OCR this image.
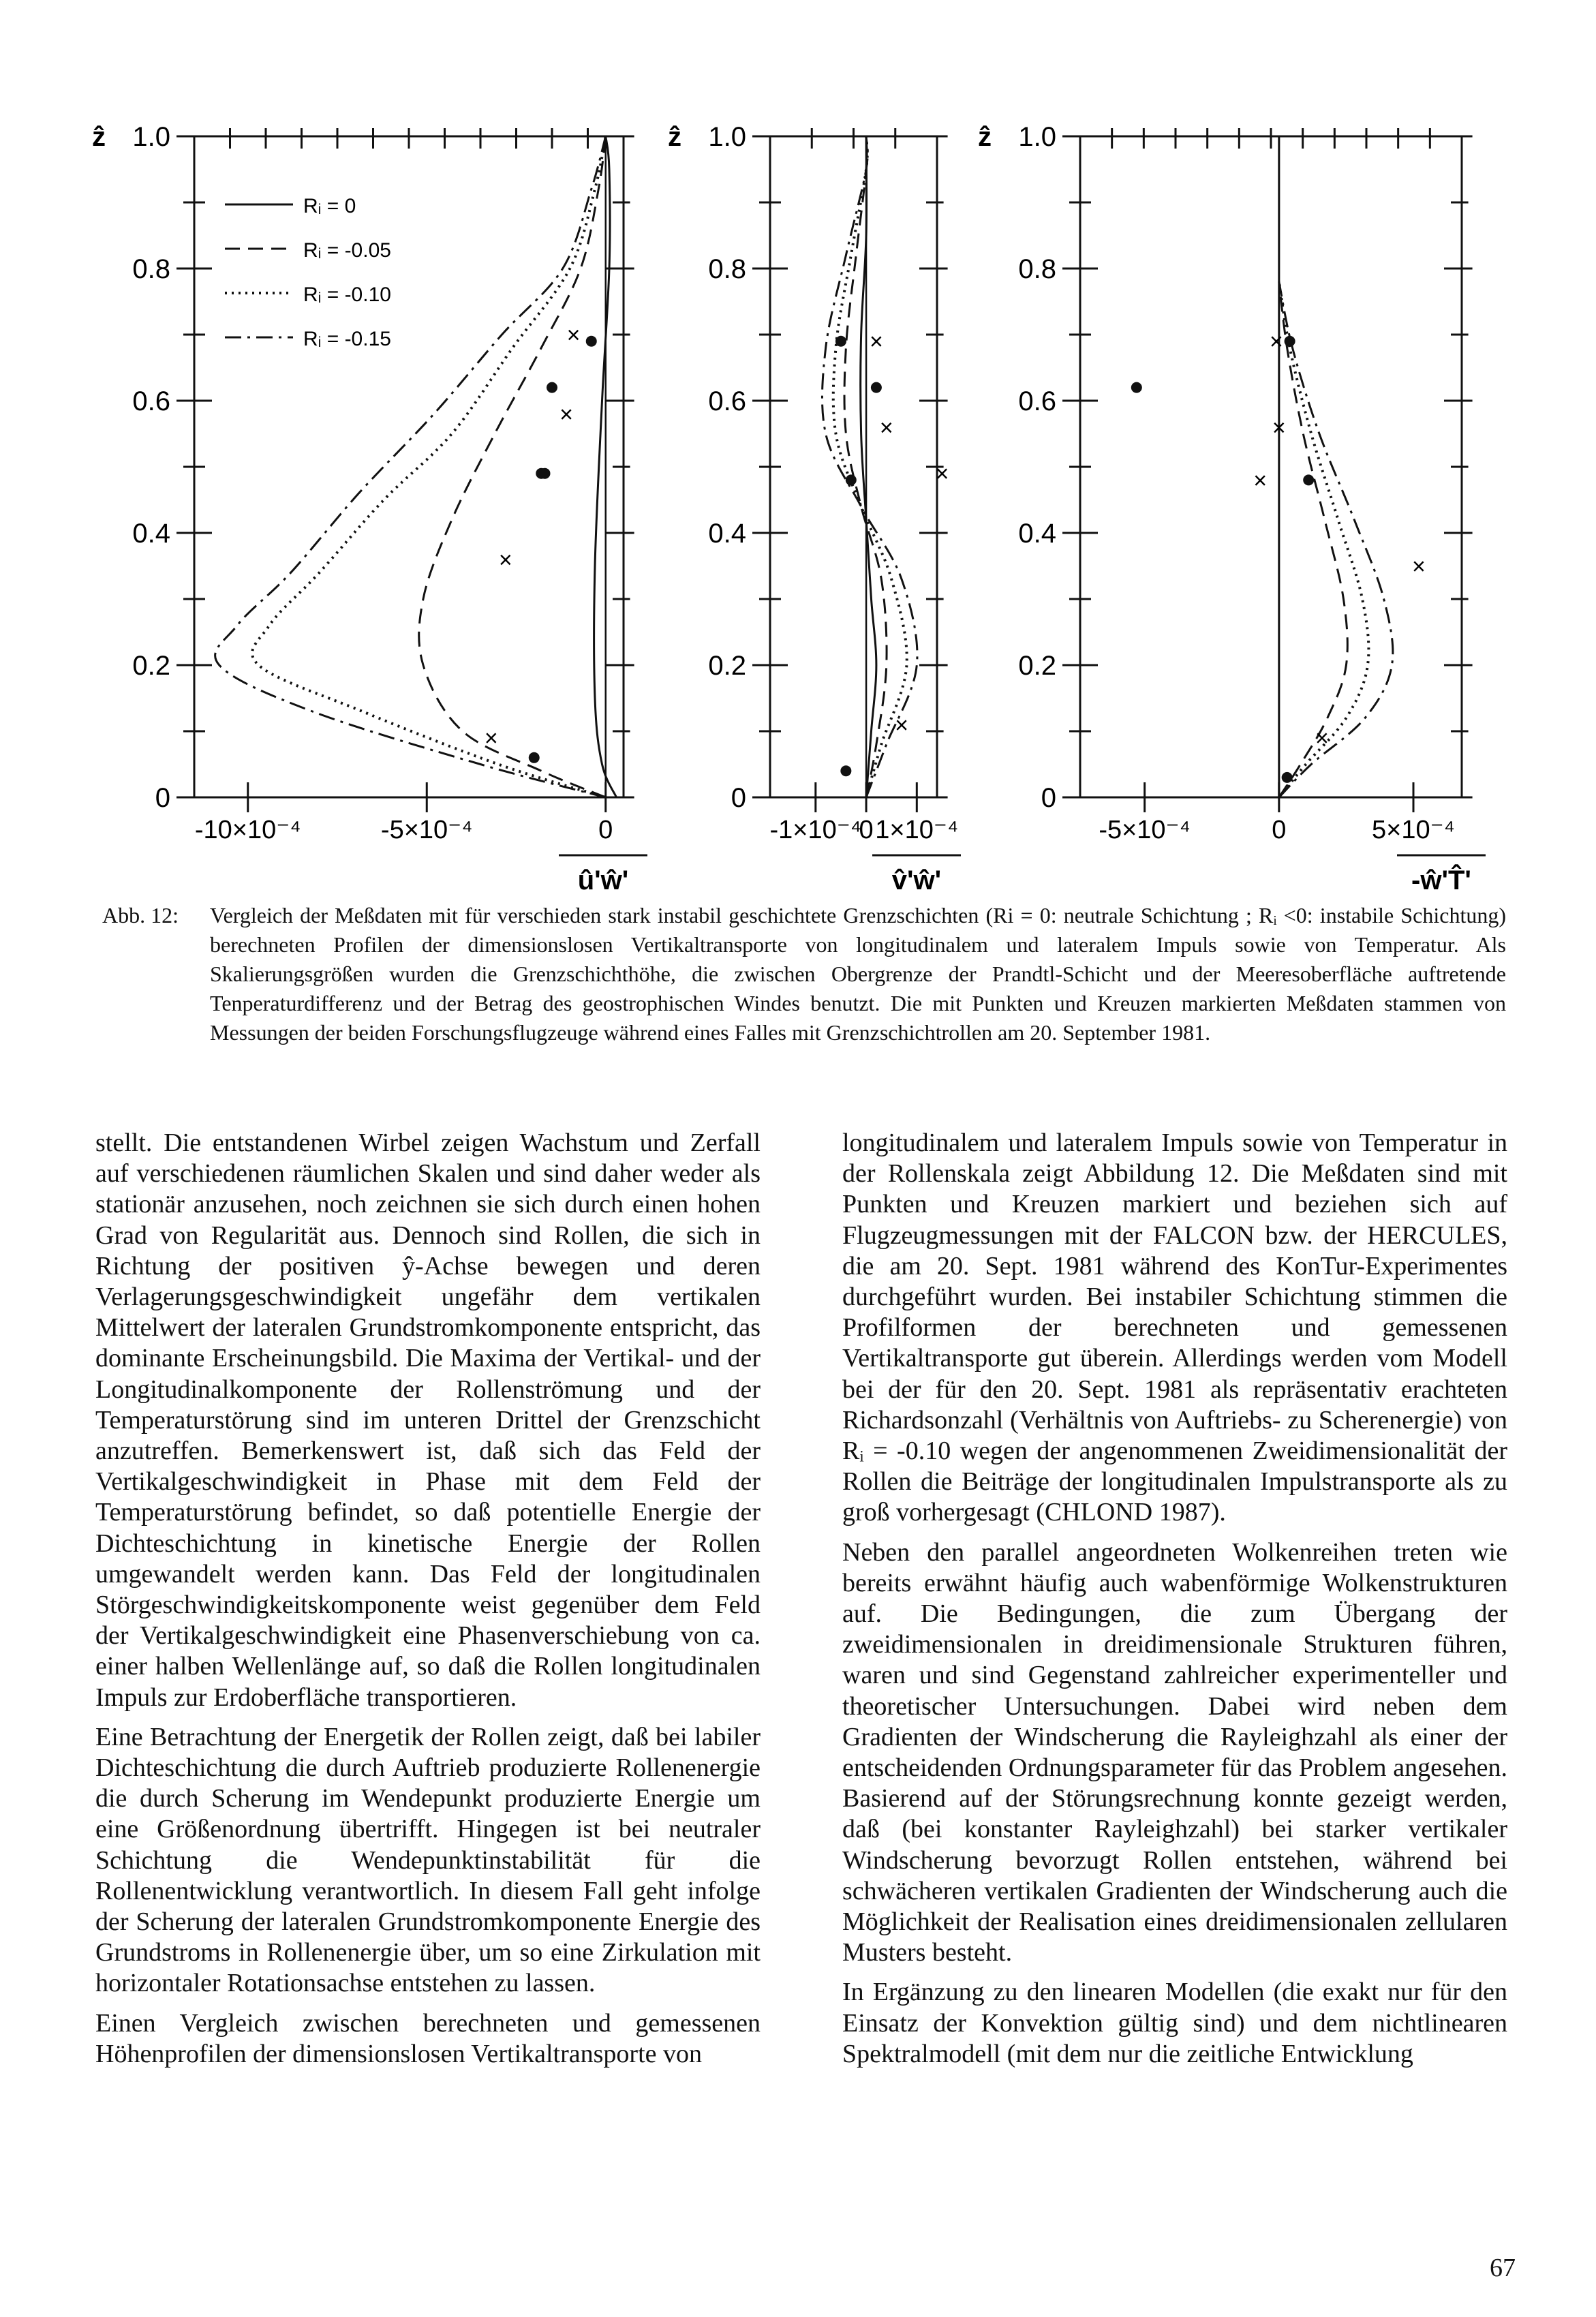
0
0.2
0.4
0.6
0.8
1.0
ẑ
-10×10⁻⁴	-5×10⁻⁴	0
û'ŵ'
×
×
×
×
Rᵢ = 0
Rᵢ = -0.05
Rᵢ = -0.10
Rᵢ = -0.15
0
0.2
0.4
0.6
0.8
1.0
ẑ
-1×10⁻⁴
0 1×10⁻⁴
v̂'ŵ'
×
×
×
×
0
0.2
0.4
0.6
0.8
1.0
ẑ
-5×10⁻⁴	0	5×10⁻⁴
-ŵ'T̂'
×
×
×
×
×
Abb. 12: Vergleich der Meßdaten mit für verschieden stark instabil geschichtete Grenzschichten (Ri = 0: neutrale Schichtung ; Rᵢ <0: instabile Schichtung) berechneten Profilen der dimensionslosen Vertikaltransporte von longitudinalem und lateralem Impuls sowie von Temperatur. Als Skalierungsgrößen wurden die Grenzschichthöhe, die zwischen Obergrenze der Prandtl-Schicht und der Meeresoberfläche auftretende Tenperaturdifferenz und der Betrag des geostrophischen Windes benutzt. Die mit Punkten und Kreuzen markierten Meßdaten stammen von Messungen der beiden Forschungsflugzeuge während eines Falles mit Grenzschichtrollen am 20. September 1981.

stellt. Die entstandenen Wirbel zeigen Wachstum und Zerfall auf verschiedenen räumlichen Skalen und sind daher weder als stationär anzusehen, noch zeichnen sie sich durch einen hohen Grad von Regularität aus. Dennoch sind Rollen, die sich in Richtung der positiven ŷ-Achse bewegen und deren Verlagerungsgeschwindigkeit ungefähr dem vertikalen Mittelwert der lateralen Grundstromkomponente entspricht, das dominante Erscheinungsbild. Die Maxima der Vertikal- und der Longitudinalkomponente der Rollenströmung und der Temperaturstörung sind im unteren Drittel der Grenzschicht anzutreffen. Bemerkenswert ist, daß sich das Feld der Vertikalgeschwindigkeit in Phase mit dem Feld der Temperaturstörung befindet, so daß potentielle Energie der Dichteschichtung in kinetische Energie der Rollen umgewandelt werden kann. Das Feld der longitudinalen Störgeschwindigkeitskomponente weist gegenüber dem Feld der Vertikalgeschwindigkeit eine Phasenverschiebung von ca. einer halben Wellenlänge auf, so daß die Rollen longitudinalen Impuls zur Erdoberfläche transportieren.

Eine Betrachtung der Energetik der Rollen zeigt, daß bei labiler Dichteschichtung die durch Auftrieb produzierte Rollenenergie die durch Scherung im Wendepunkt produzierte Energie um eine Größenordnung übertrifft. Hingegen ist bei neutraler Schichtung die Wendepunktinstabilität für die Rollenentwicklung verantwortlich. In diesem Fall geht infolge der Scherung der lateralen Grundstromkomponente Energie des Grundstroms in Rollenenergie über, um so eine Zirkulation mit horizontaler Rotationsachse entstehen zu lassen.

Einen Vergleich zwischen berechneten und gemessenen Höhenprofilen der dimensionslosen Vertikaltransporte von

longitudinalem und lateralem Impuls sowie von Temperatur in der Rollenskala zeigt Abbildung 12. Die Meßdaten sind mit Punkten und Kreuzen markiert und beziehen sich auf Flugzeugmessungen mit der FALCON bzw. der HERCULES, die am 20. Sept. 1981 während des KonTur-Experimentes durchgeführt wurden. Bei instabiler Schichtung stimmen die Profilformen der berechneten und gemessenen Vertikaltransporte gut überein. Allerdings werden vom Modell bei der für den 20. Sept. 1981 als repräsentativ erachteten Richardsonzahl (Verhältnis von Auftriebs- zu Scherenergie) von Rᵢ = -0.10 wegen der angenommenen Zweidimensionalität der Rollen die Beiträge der longitudinalen Impulstransporte als zu groß vorhergesagt (CHLOND 1987).

Neben den parallel angeordneten Wolkenreihen treten wie bereits erwähnt häufig auch wabenförmige Wolkenstrukturen auf. Die Bedingungen, die zum Übergang der zweidimensionalen in dreidimensionale Strukturen führen, waren und sind Gegenstand zahlreicher experimenteller und theoretischer Untersuchungen. Dabei wird neben dem Gradienten der Windscherung die Rayleighzahl als einer der entscheidenden Ordnungsparameter für das Problem angesehen. Basierend auf der Störungsrechnung konnte gezeigt werden, daß (bei konstanter Rayleighzahl) bei starker vertikaler Windscherung bevorzugt Rollen entstehen, während bei schwächeren vertikalen Gradienten der Windscherung auch die Möglichkeit der Realisation eines dreidimensionalen zellularen Musters besteht.

In Ergänzung zu den linearen Modellen (die exakt nur für den Einsatz der Konvektion gültig sind) und dem nichtlinearen Spektralmodell (mit dem nur die zeitliche Entwicklung

67
